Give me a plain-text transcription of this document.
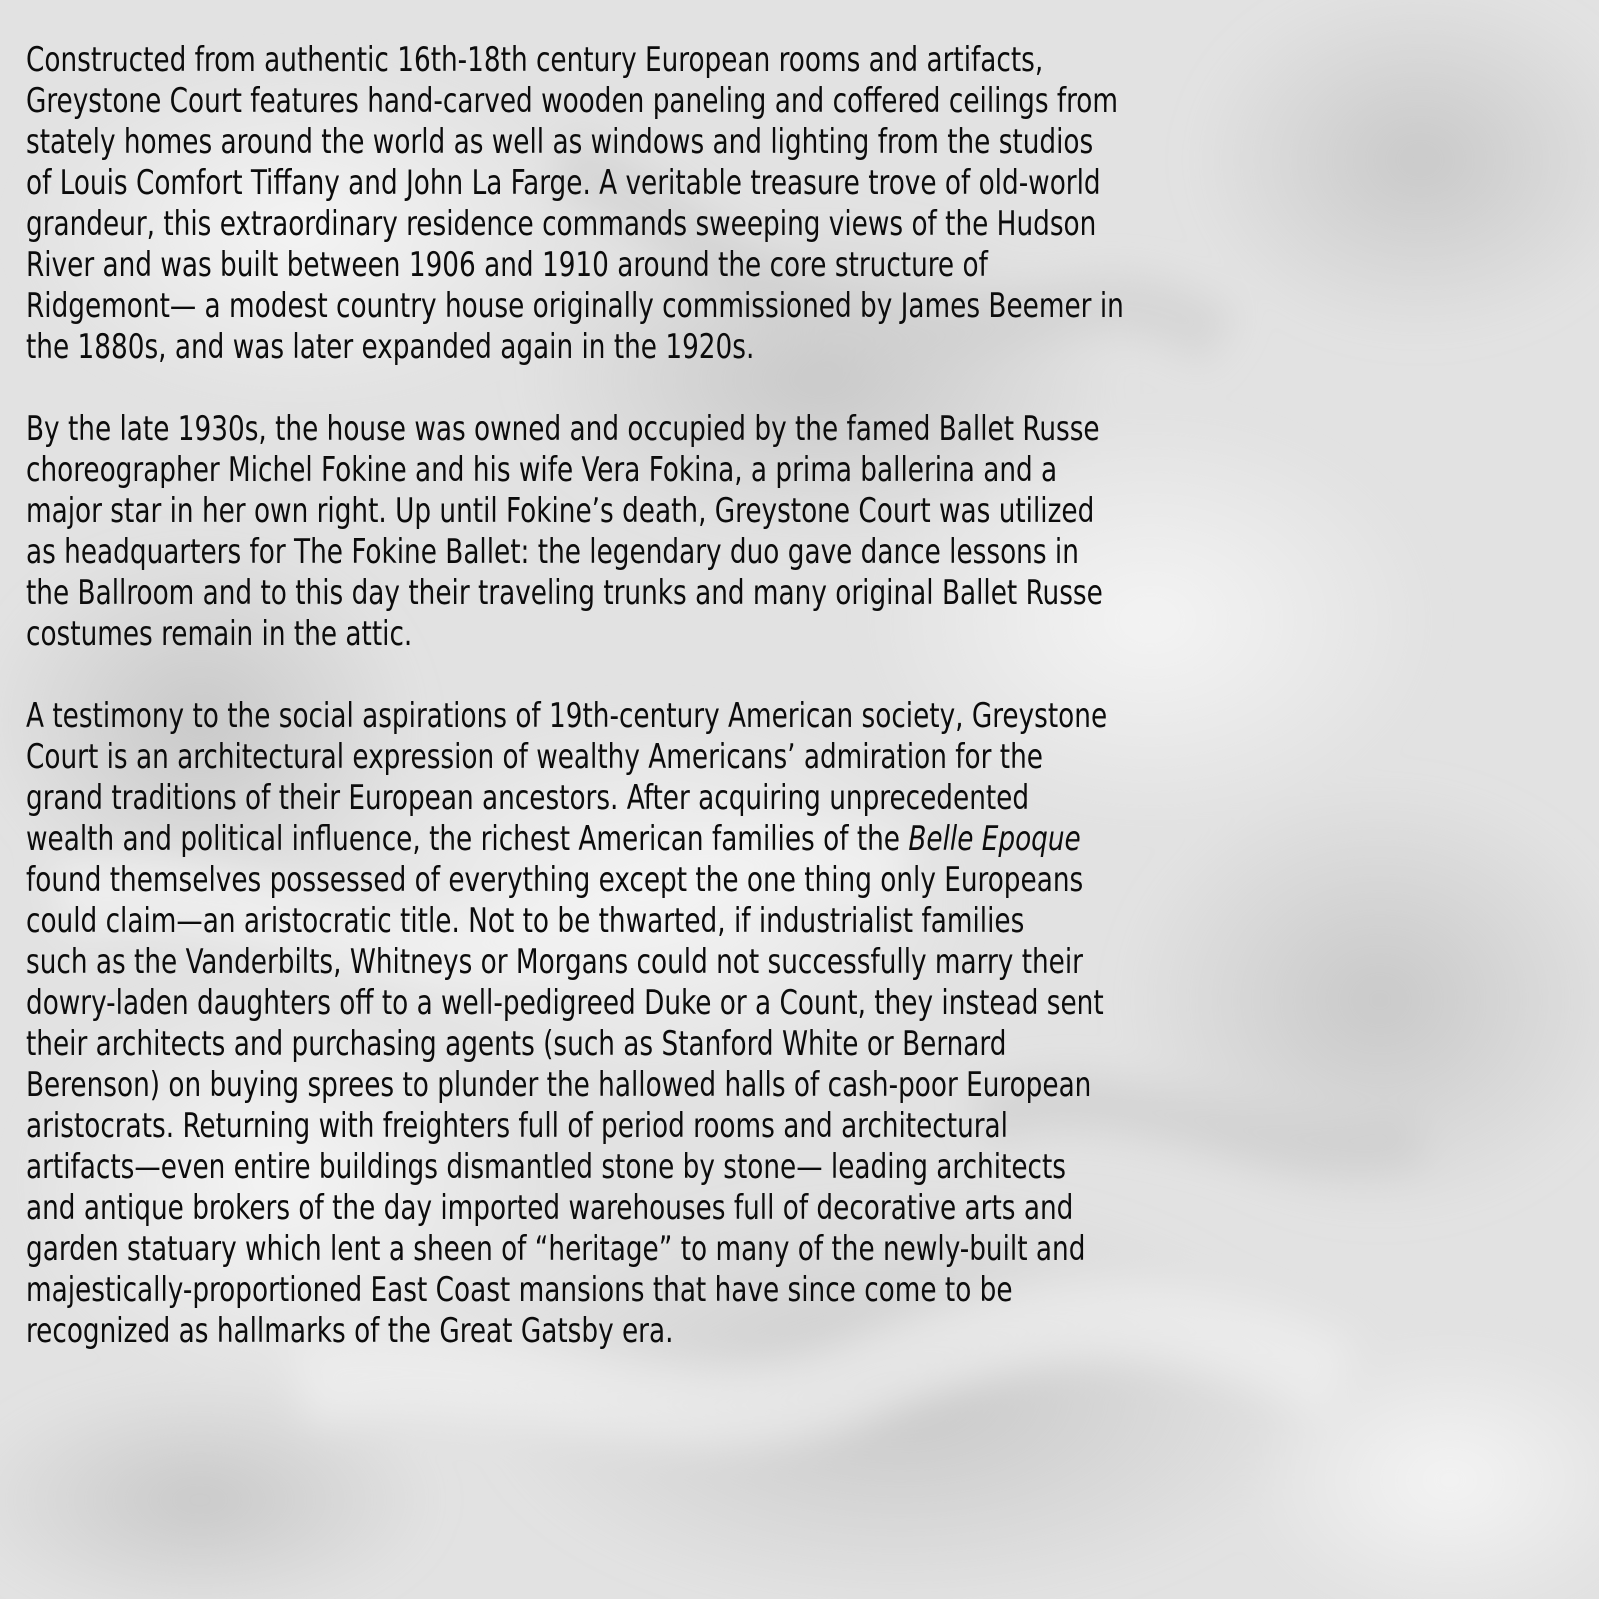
Constructed from authentic 16th-18th century European rooms and artifacts,
Greystone Court features hand-carved wooden paneling and coffered ceilings from
stately homes around the world as well as windows and lighting from the studios
of Louis Comfort Tiffany and John La Farge. A veritable treasure trove of old-world
grandeur, this extraordinary residence commands sweeping views of the Hudson
River and was built between 1906 and 1910 around the core structure of
Ridgemont— a modest country house originally commissioned by James Beemer in
the 1880s, and was later expanded again in the 1920s.

By the late 1930s, the house was owned and occupied by the famed Ballet Russe
choreographer Michel Fokine and his wife Vera Fokina, a prima ballerina and a
major star in her own right. Up until Fokine’s death, Greystone Court was utilized
as headquarters for The Fokine Ballet: the legendary duo gave dance lessons in
the Ballroom and to this day their traveling trunks and many original Ballet Russe
costumes remain in the attic.

A testimony to the social aspirations of 19th-century American society, Greystone
Court is an architectural expression of wealthy Americans’ admiration for the
grand traditions of their European ancestors. After acquiring unprecedented
wealth and political influence, the richest American families of the Belle Epoque
found themselves possessed of everything except the one thing only Europeans
could claim—an aristocratic title. Not to be thwarted, if industrialist families
such as the Vanderbilts, Whitneys or Morgans could not successfully marry their
dowry-laden daughters off to a well-pedigreed Duke or a Count, they instead sent
their architects and purchasing agents (such as Stanford White or Bernard
Berenson) on buying sprees to plunder the hallowed halls of cash-poor European
aristocrats. Returning with freighters full of period rooms and architectural
artifacts—even entire buildings dismantled stone by stone— leading architects
and antique brokers of the day imported warehouses full of decorative arts and
garden statuary which lent a sheen of “heritage” to many of the newly-built and
majestically-proportioned East Coast mansions that have since come to be
recognized as hallmarks of the Great Gatsby era.
